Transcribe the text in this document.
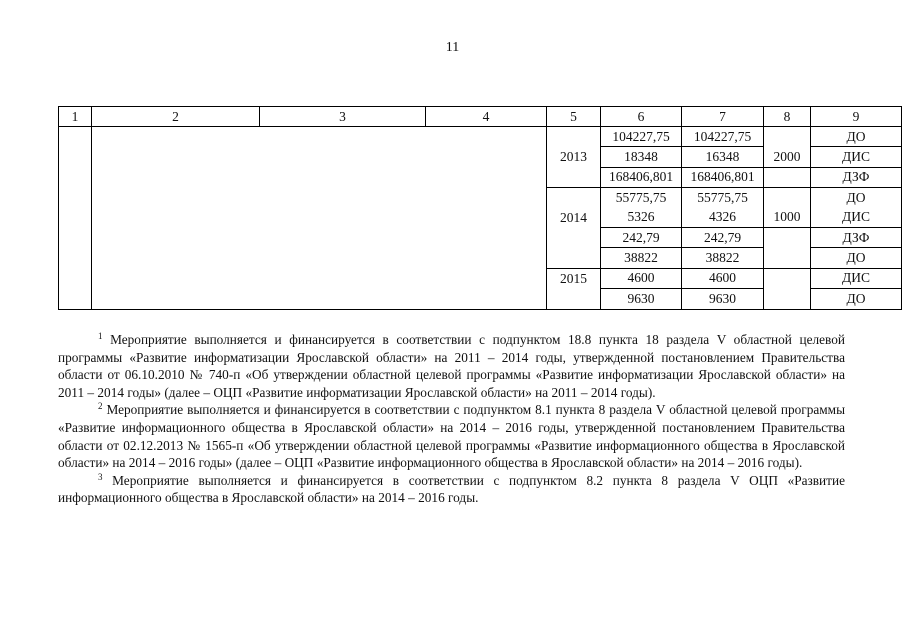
11
1	2	3	4	5	6	7	8	9
					104227,75	104227,75		ДО
				2013	18348	16348	2000	ДИС
					168406,801	168406,801		ДЗФ
					55775,75	55775,75		ДО
				2014	5326	4326	1000	ДИС
					242,79	242,79		ДЗФ
					38822	38822		ДО
				2015	4600	4600		ДИС
					9630	9630		ДО

$^1$ Мероприятие выполняется и финансируется в соответствии с подпунктом 18.8 пункта 18 раздела V областной целевой программы «Развитие информатизации Ярославской области» на 2011 – 2014 годы, утвержденной постановлением Правительства области от 06.10.2010 № 740-п «Об утверждении областной целевой программы «Развитие информатизации Ярославской области» на 2011 – 2014 годы» (далее – ОЦП «Развитие информатизации Ярославской области» на 2011 – 2014 годы).

$^2$ Мероприятие выполняется и финансируется в соответствии с подпунктом 8.1 пункта 8 раздела V областной целевой программы «Развитие информационного общества в Ярославской области» на 2014 – 2016 годы, утвержденной постановлением Правительства области от 02.12.2013 № 1565-п «Об утверждении областной целевой программы «Развитие информационного общества в Ярославской области» на 2014 – 2016 годы» (далее – ОЦП «Развитие информационного общества в Ярославской области» на 2014 – 2016 годы).

$^3$ Мероприятие выполняется и финансируется в соответствии с подпунктом 8.2 пункта 8 раздела V ОЦП «Развитие информационного общества в Ярославской области» на 2014 – 2016 годы.
